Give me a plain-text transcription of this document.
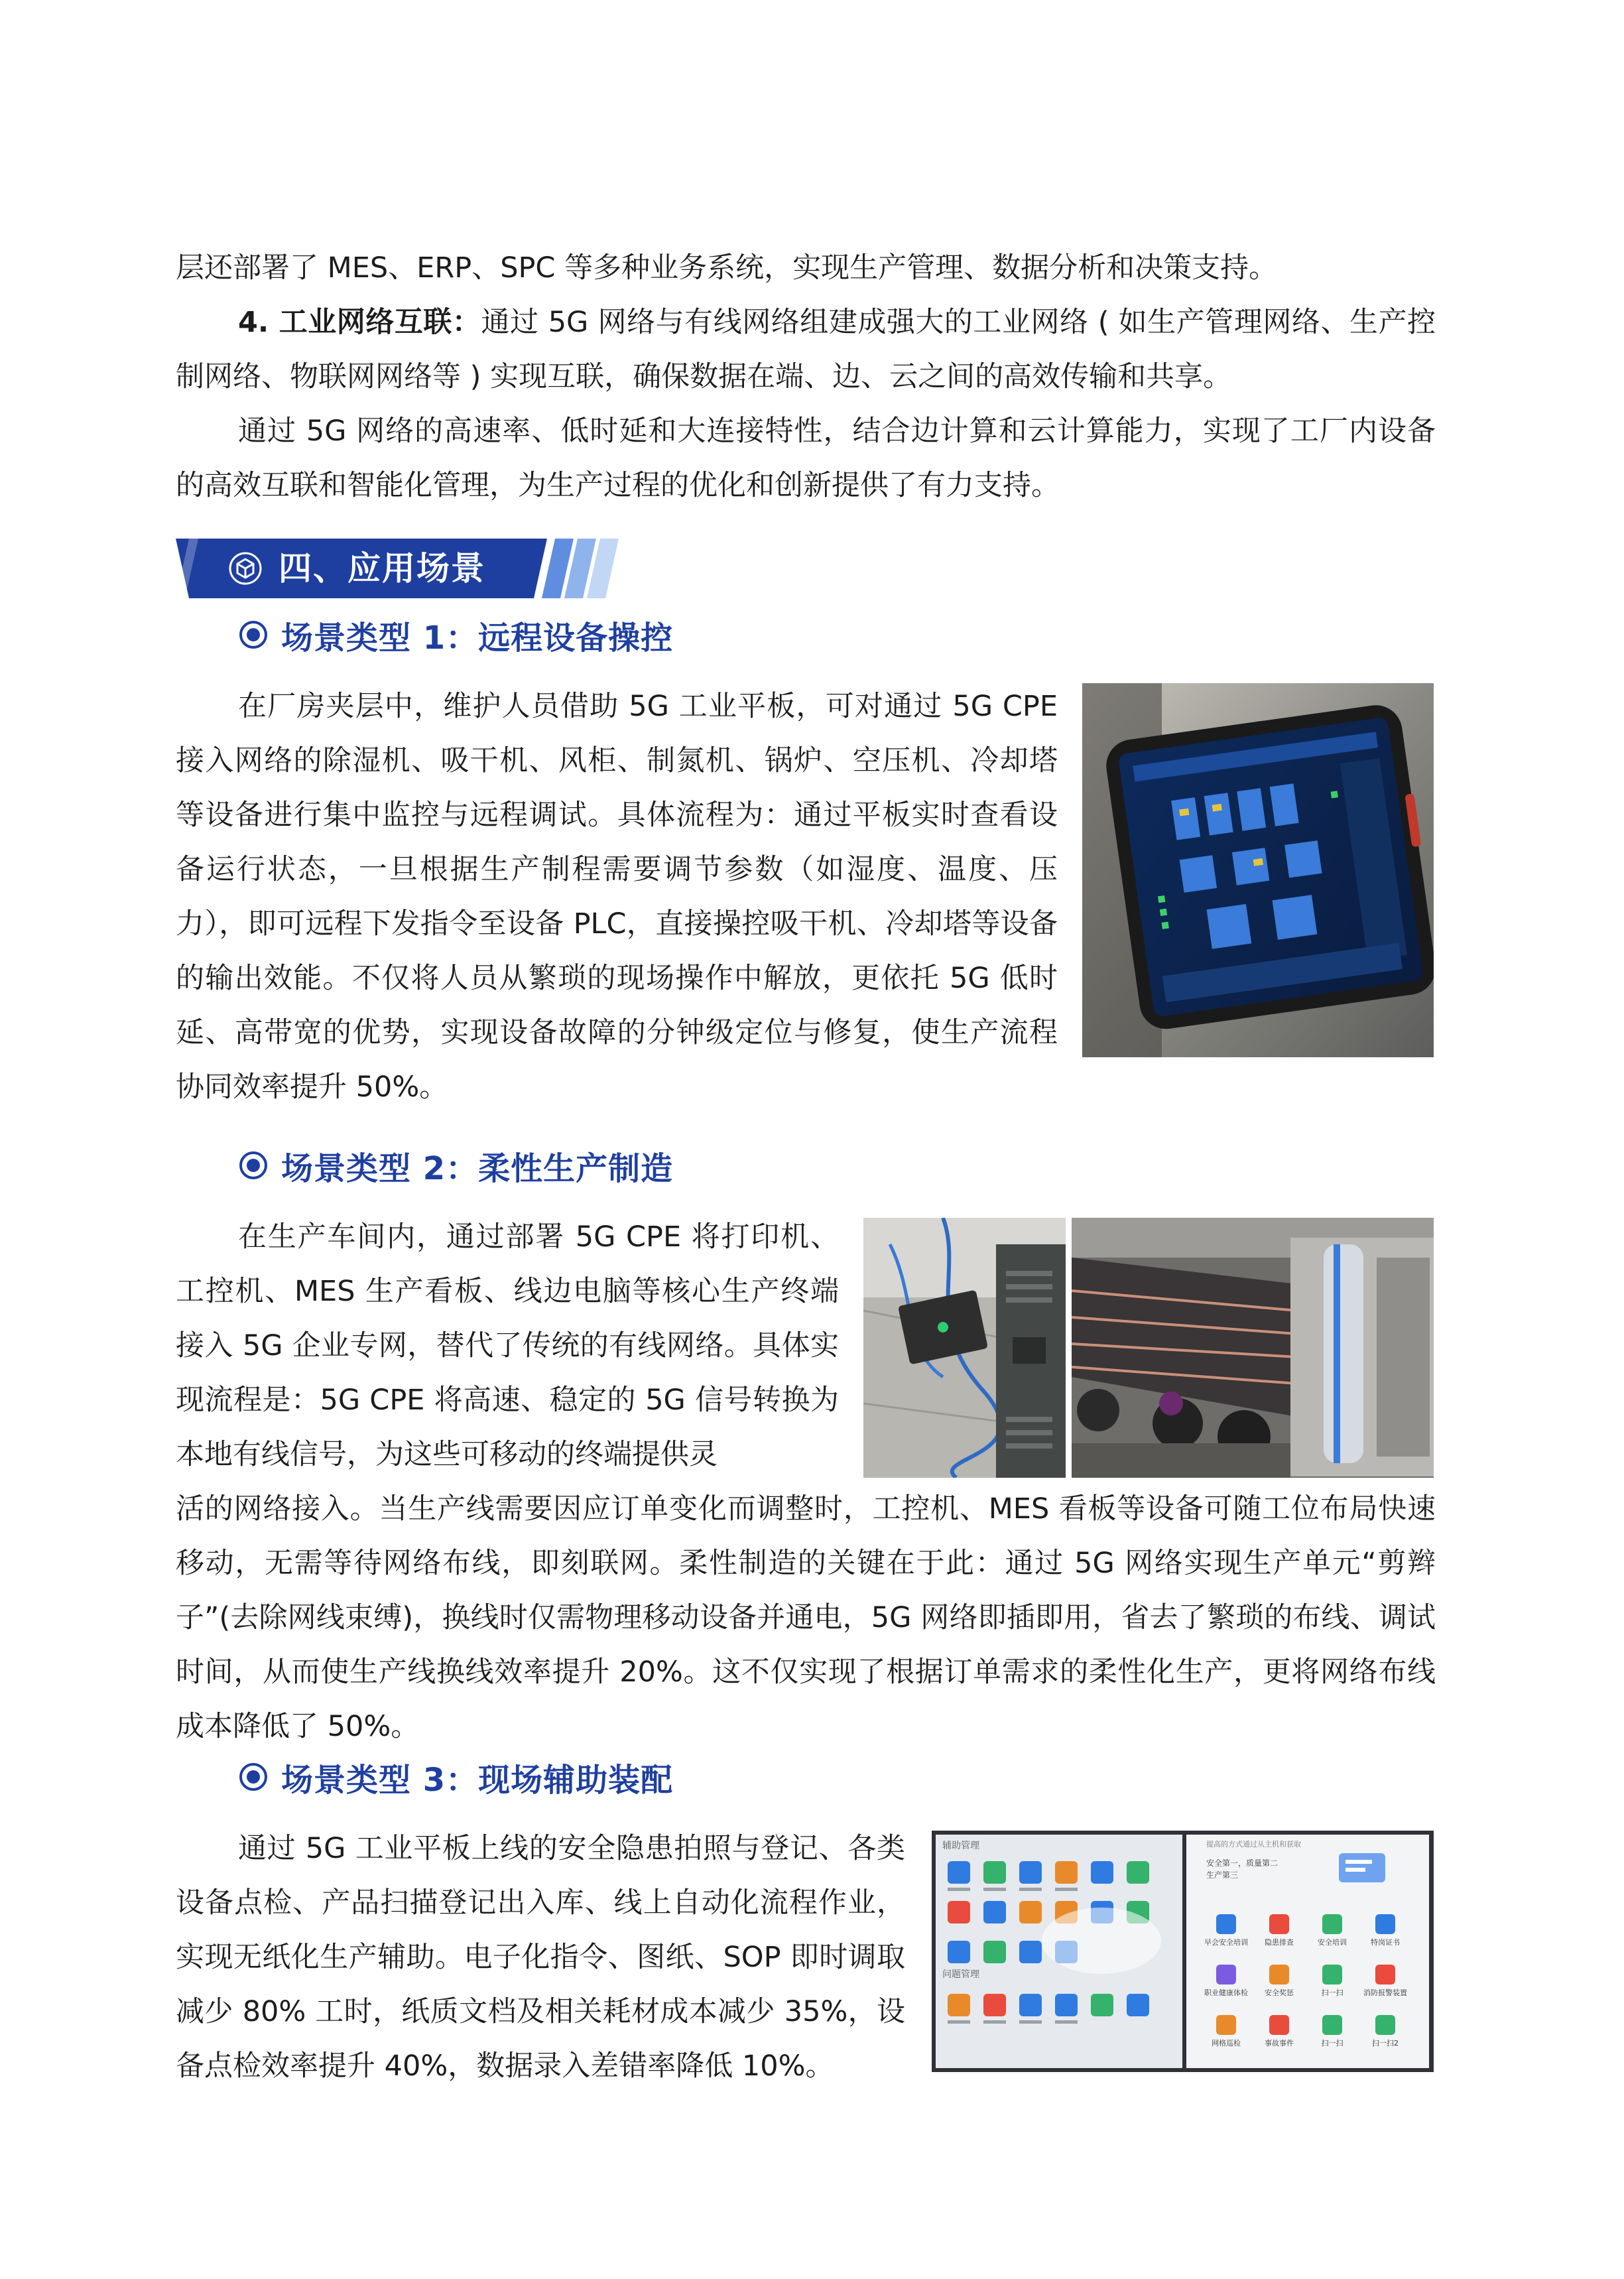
层还部署了 MES、ERP、SPC 等多种业务系统，实现生产管理、数据分析和决策支持。

4. 工业网络互联：通过 5G 网络与有线网络组建成强大的工业网络 ( 如生产管理网络、生产控制网络、物联网网络等 ) 实现互联，确保数据在端、边、云之间的高效传输和共享。

通过 5G 网络的高速率、低时延和大连接特性，结合边计算和云计算能力，实现了工厂内设备的高效互联和智能化管理，为生产过程的优化和创新提供了有力支持。

四、应用场景
场景类型 1：远程设备操控

在厂房夹层中，维护人员借助 5G 工业平板，可对通过 5G CPE 接入网络的除湿机、吸干机、风柜、制氮机、锅炉、空压机、冷却塔等设备进行集中监控与远程调试。具体流程为：通过平板实时查看设备运行状态，一旦根据生产制程需要调节参数（如湿度、温度、压力），即可远程下发指令至设备 PLC，直接操控吸干机、冷却塔等设备的输出效能。不仅将人员从繁琐的现场操作中解放，更依托 5G 低时延、高带宽的优势，实现设备故障的分钟级定位与修复，使生产流程协同效率提升 50%。

场景类型 2：柔性生产制造

在生产车间内，通过部署 5G CPE 将打印机、工控机、MES 生产看板、线边电脑等核心生产终端接入 5G 企业专网，替代了传统的有线网络。具体实现流程是：5G CPE 将高速、稳定的 5G 信号转换为本地有线信号，为这些可移动的终端提供灵

活的网络接入。当生产线需要因应订单变化而调整时，工控机、MES 看板等设备可随工位布局快速移动，无需等待网络布线，即刻联网。柔性制造的关键在于此：通过 5G 网络实现生产单元“剪辫子”(去除网线束缚)，换线时仅需物理移动设备并通电，5G 网络即插即用，省去了繁琐的布线、调试时间，从而使生产线换线效率提升 20%。这不仅实现了根据订单需求的柔性化生产，更将网络布线成本降低了 50%。

场景类型 3：现场辅助装配

通过 5G 工业平板上线的安全隐患拍照与登记、各类设备点检、产品扫描登记出入库、线上自动化流程作业，实现无纸化生产辅助。电子化指令、图纸、SOP 即时调取减少 80% 工时，纸质文档及相关耗材成本减少 35%，设备点检效率提升 40%，数据录入差错率降低 10%。

辅助管理
问题管理
提高的方式通过从主机和获取
安全第一，质量第二
生产第三
早会安全培训	隐患排查	安全培训	特岗证书
职业健康体检	安全奖惩	扫一扫	消防报警装置
网格巡检	事故事件	扫一扫	扫一扫2
